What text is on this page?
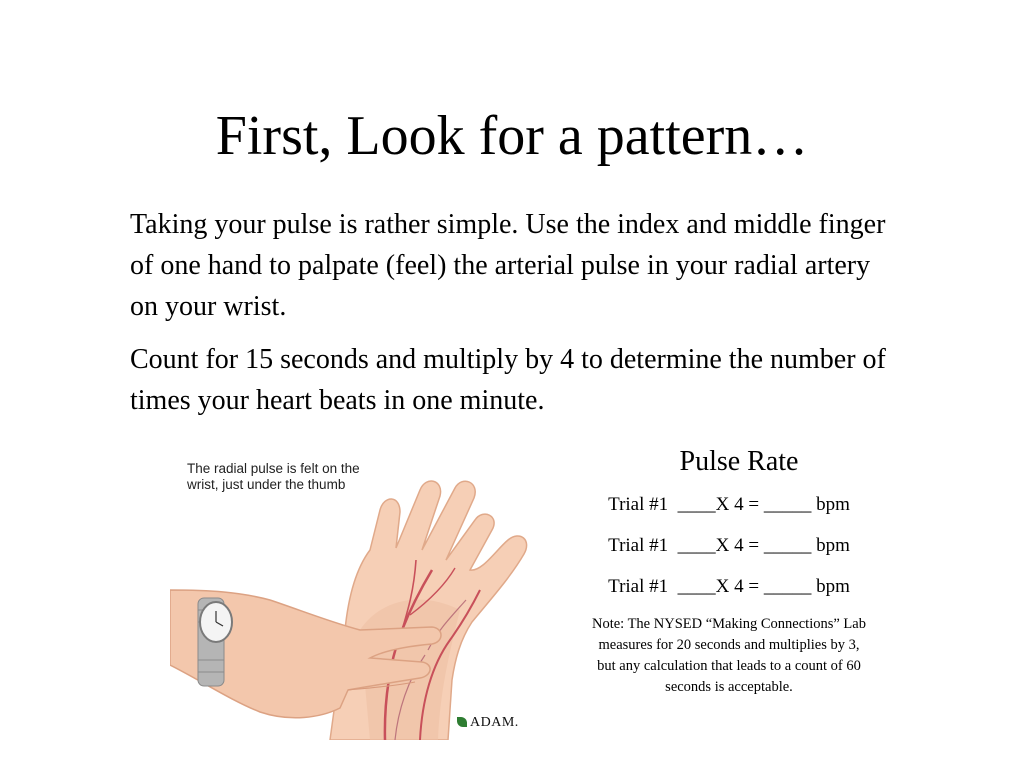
First, Look for a pattern…

Taking your pulse is rather simple. Use the index and middle finger of one hand to palpate (feel) the arterial pulse in your radial artery on your wrist.

Count for 15 seconds and multiply by 4 to determine the number of times your heart beats in one minute.

The radial pulse is felt on the
wrist, just under the thumb
ADAM.
Pulse Rate
Trial #1  ____X 4 = _____ bpm
Trial #1  ____X 4 = _____ bpm
Trial #1  ____X 4 = _____ bpm
Note: The NYSED “Making Connections” Lab measures for 20 seconds and multiplies by 3, but any calculation that leads to a count of 60 seconds is acceptable.
